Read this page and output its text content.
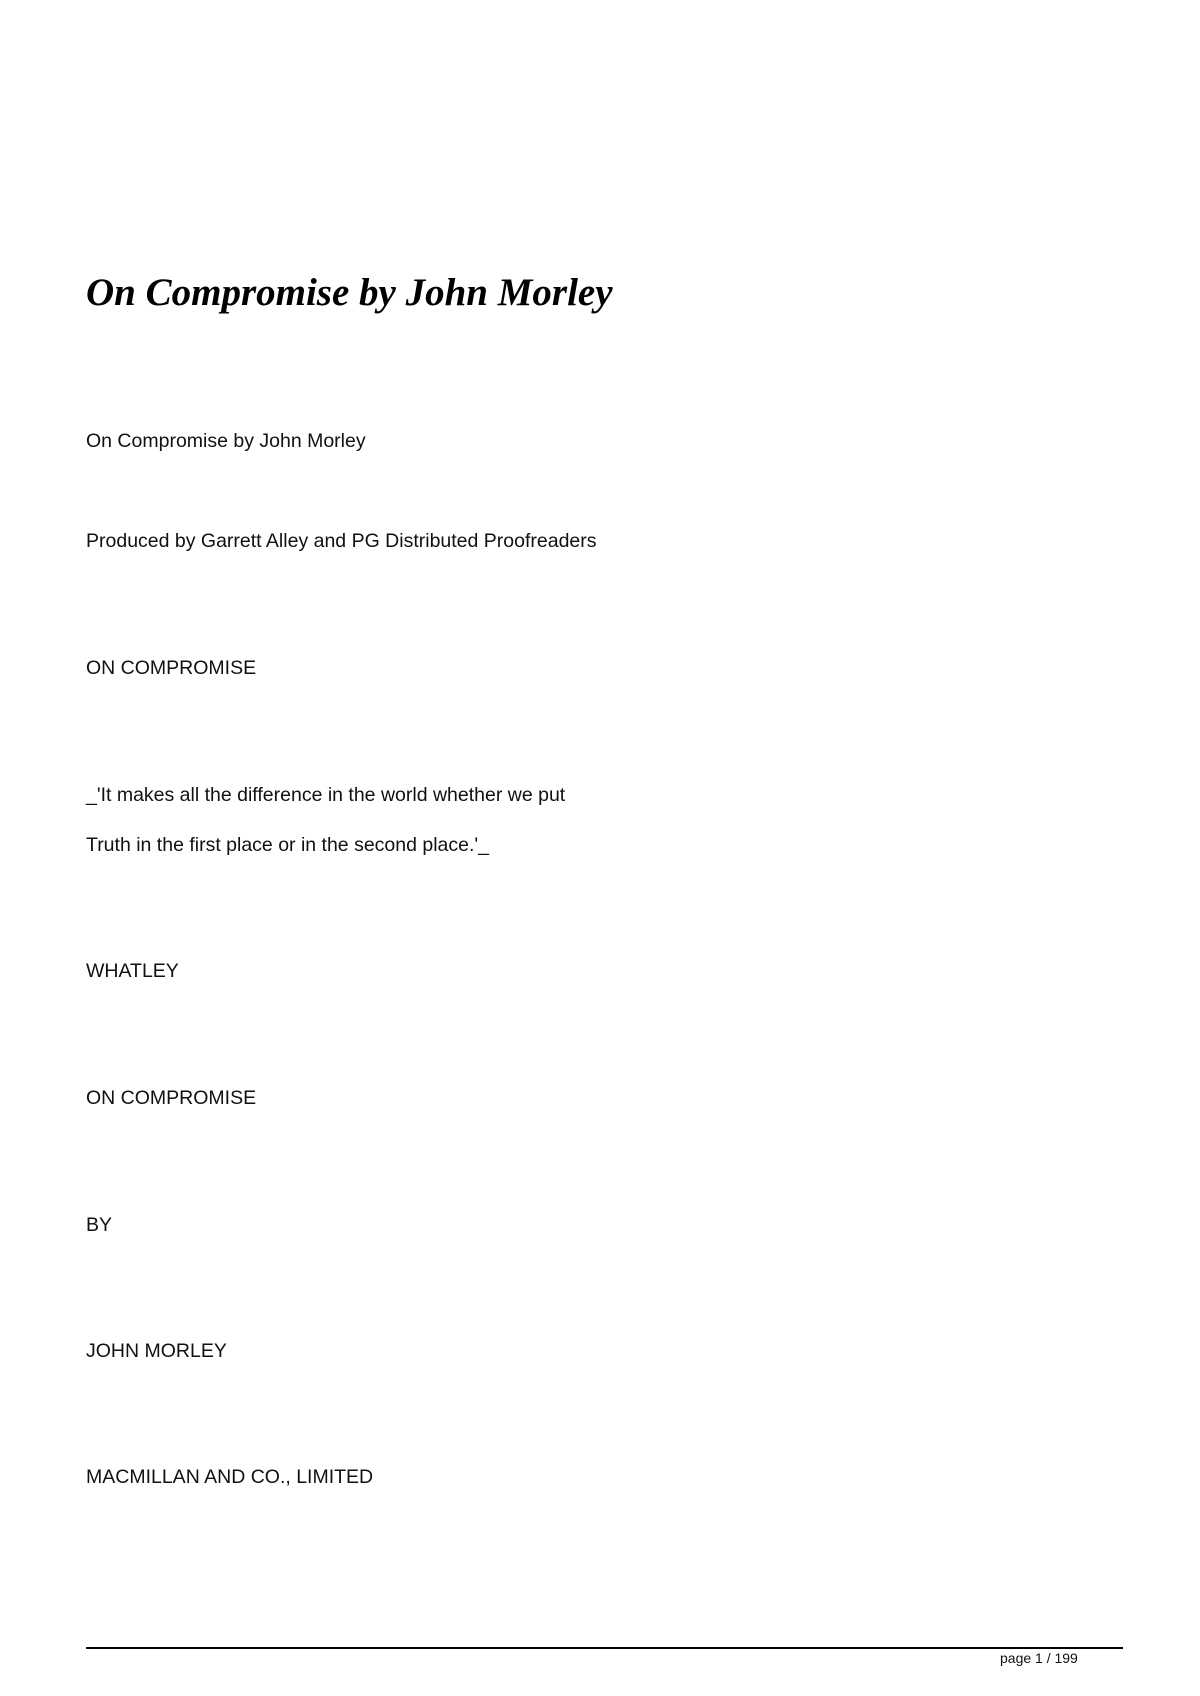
On Compromise by John Morley

On Compromise by John Morley

Produced by Garrett Alley and PG Distributed Proofreaders

ON COMPROMISE

_'It makes all the difference in the world whether we put

Truth in the first place or in the second place.'_

WHATLEY

ON COMPROMISE

BY

JOHN MORLEY

MACMILLAN AND CO., LIMITED

page 1 / 199
